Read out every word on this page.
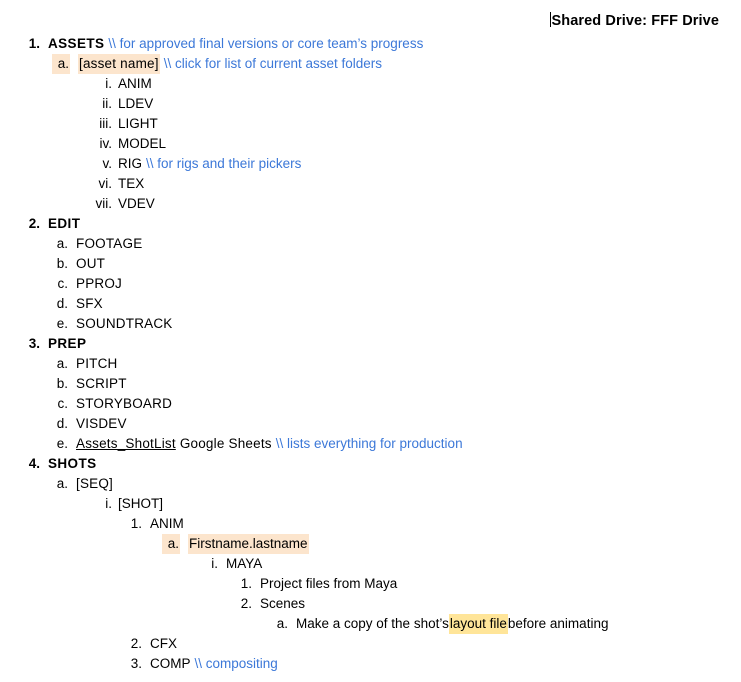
Shared Drive: FFF Drive
1. ASSETS \\ for approved final versions or core team’s progress
a. [asset name] \\ click for list of current asset folders
i. ANIM
ii. LDEV
iii. LIGHT
iv. MODEL
v. RIG \\ for rigs and their pickers
vi. TEX
vii. VDEV
2. EDIT
a. FOOTAGE
b. OUT
c. PPROJ
d. SFX
e. SOUNDTRACK
3. PREP
a. PITCH
b. SCRIPT
c. STORYBOARD
d. VISDEV
e. Assets_ShotList Google Sheets \\ lists everything for production
4. SHOTS
a. [SEQ]
i. [SHOT]
1. ANIM
a. Firstname.lastname
i. MAYA
1. Project files from Maya
2. Scenes
a. Make a copy of the shot’s layout file before animating
2. CFX
3. COMP \\ compositing
